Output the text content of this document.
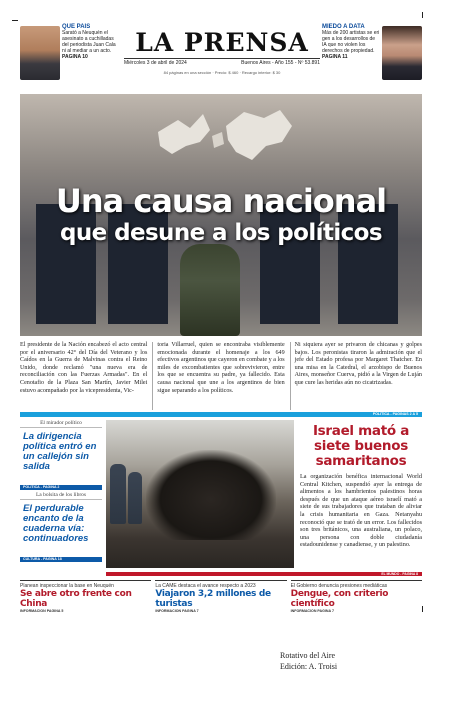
QUE PAIS
Sarató a Neuquén el asesinato a cuchilladas del periodista Juan Cala ni al mediar a un acto.
PAGINA 10	LA PRENSA
Miércoles 3 de abril de 2024	Buenos Aires - Año 155 - Nº 53.891
84 páginas en una sección · Precio: $ 460 · Recargo interior: $ 30
MIEDO A DATA
Más de 200 artistas se eri gen a los desarrollos de IA que no violen los derechos de propiedad.
PAGINA 11
Una causa nacional
que desune a los políticos
El presidente de la Nación encabezó el acto central por el aniversario 42° del Día del Veterano y los Caídos en la Guerra de Malvinas contra el Reino Unido, donde reclamó "una nueva era de reconciliación con las Fuerzas Armadas". En el Cenotafio de la Plaza San Martín, Javier Milei estuvo acompañado por la vicepresidenta, Vic-
toria Villarruel, quien se encontraba visiblemente emocionada durante el homenaje a los 649 efectivos argentinos que cayeron en combate y a los miles de excombatientes que sobrevivieron, entre los que se encuentra su padre, ya fallecido. Esta causa nacional que une a los argentinos de bien sigue separando a los políticos.
Ni siquiera ayer se privaron de chicanas y golpes bajos. Los peronistas tiraron la admiración que el jefe del Estado profesa por Margaret Thatcher. En una misa en la Catedral, el arzobispo de Buenos Aires, monseñor Cuerva, pidió a la Virgen de Luján que cure las heridas aún no cicatrizadas.
POLITICA - PAGINAS 2 A 5
El mirador político
La dirigencia política entró en un callejón sin salida
POLITICA - PAGINA 2
La bolsita de los libros
El perdurable encanto de la cuaderna vía: continuadores
CULTURA - PAGINA 18
Israel mató a siete buenos samaritanos
La organización benéfica internacional World Central Kitchen, suspendió ayer la entrega de alimentos a los hambrientos palestinos horas después de que un ataque aéreo israelí mató a siete de sus trabajadores que trataban de aliviar la crisis humanitaria en Gaza. Netanyahu reconoció que se trató de un error. Los fallecidos son tres británicos, una australiana, un polaco, una persona con doble ciudadanía estadounidense y canadiense, y un palestino.
EL MUNDO - PAGINA 8
Planean inspeccionar la base en Neuquén
Se abre otro frente con China
INFORMACION PAGINA 5
La CAME destaca el avance respecto a 2023
Viajaron 3,2 millones de turistas
INFORMACION PAGINA 7
El Gobierno denuncia presiones mediáticas
Dengue, con criterio científico
INFORMACION PAGINA 7
Rotativo del Aire
Edición: A. Troisi
